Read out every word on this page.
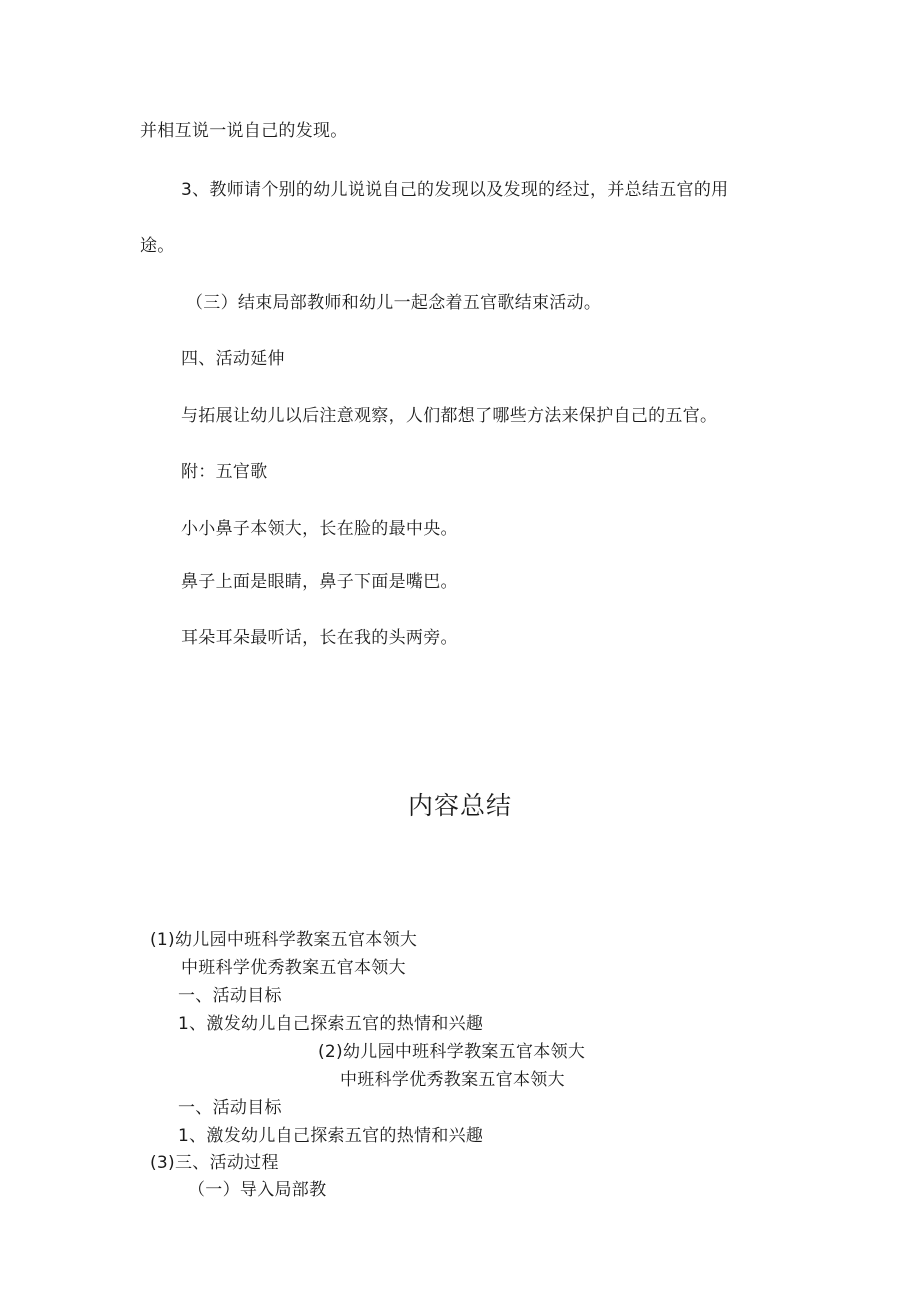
并相互说一说自己的发现。
3、教师请个别的幼儿说说自己的发现以及发现的经过，并总结五官的用
途。
（三）结束局部教师和幼儿一起念着五官歌结束活动。
四、活动延伸
与拓展让幼儿以后注意观察，人们都想了哪些方法来保护自己的五官。
附：五官歌
小小鼻子本领大，长在脸的最中央。
鼻子上面是眼睛，鼻子下面是嘴巴。
耳朵耳朵最听话，长在我的头两旁。
内容总结
(1)幼儿园中班科学教案五官本领大
中班科学优秀教案五官本领大
一、活动目标
1、激发幼儿自己探索五官的热情和兴趣
(2)幼儿园中班科学教案五官本领大
中班科学优秀教案五官本领大
一、活动目标
1、激发幼儿自己探索五官的热情和兴趣
(3)三、活动过程
（一）导入局部教
